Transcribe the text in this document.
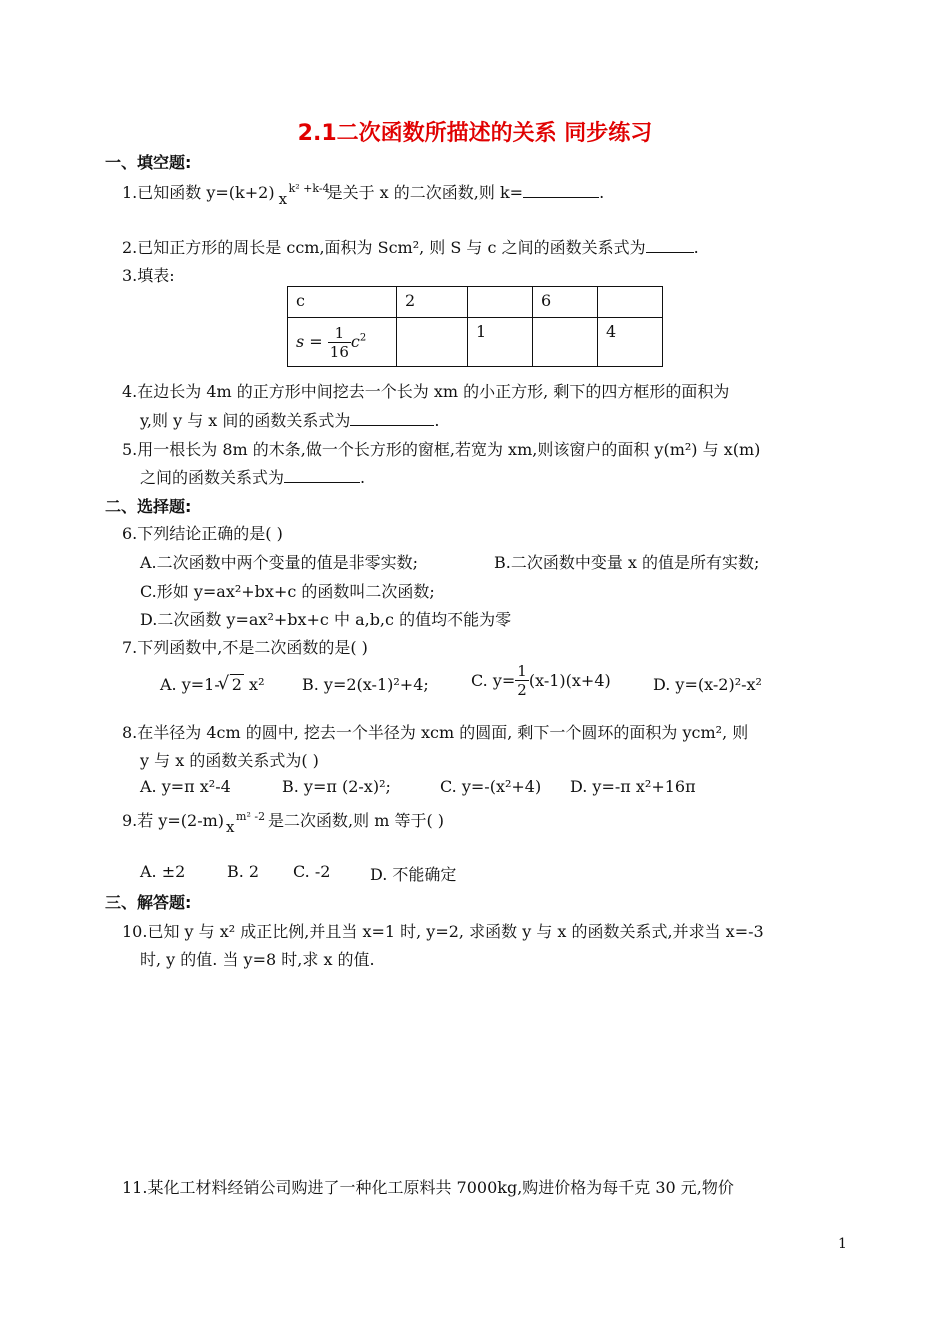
2.1二次函数所描述的关系 同步练习
一、填空题:
1.已知函数 y=(k+2) x
k² +k-4
是关于 x 的二次函数,则 k=	.
2.已知正方形的周长是 ccm,面积为 Scm², 则 S 与 c 之间的函数关系式为	.
3.填表:
c	2		6	
$s = \frac{1}{16} c^2$		1		4
4.在边长为 4m 的正方形中间挖去一个长为 xm 的小正方形, 剩下的四方框形的面积为
y,则 y 与 x 间的函数关系式为	.
5.用一根长为 8m 的木条,做一个长方形的窗框,若宽为 xm,则该窗户的面积 y(m²) 与 x(m)
之间的函数关系式为	.
二、选择题:
6.下列结论正确的是( )
A.二次函数中两个变量的值是非零实数;	B.二次函数中变量 x 的值是所有实数;
C.形如 y=ax²+bx+c 的函数叫二次函数;
D.二次函数 y=ax²+bx+c 中 a,b,c 的值均不能为零
7.下列函数中,不是二次函数的是( )
A. y=1- √ 2 x² B. y=2(x-1)²+4;	C. $y= \frac{1}{2} (x-1)(x+4)$	D. y=(x-2)²-x²
8.在半径为 4cm 的圆中, 挖去一个半径为 xcm 的圆面, 剩下一个圆环的面积为 ycm², 则
y 与 x 的函数关系式为( )
A. y=π x²-4	B. y=π (2-x)²;	C. y=-(x²+4) D. y=-π x²+16π
9.若 y=(2-m) x
m² -2 是二次函数,则 m 等于( )
A. ±2	B. 2 C. -2 D. 不能确定
三、解答题:
10.已知 y 与 x² 成正比例,并且当 x=1 时, y=2, 求函数 y 与 x 的函数关系式,并求当 x=-3
时, y 的值. 当 y=8 时,求 x 的值.
11.某化工材料经销公司购进了一种化工原料共 7000kg,购进价格为每千克 30 元,物价
1
